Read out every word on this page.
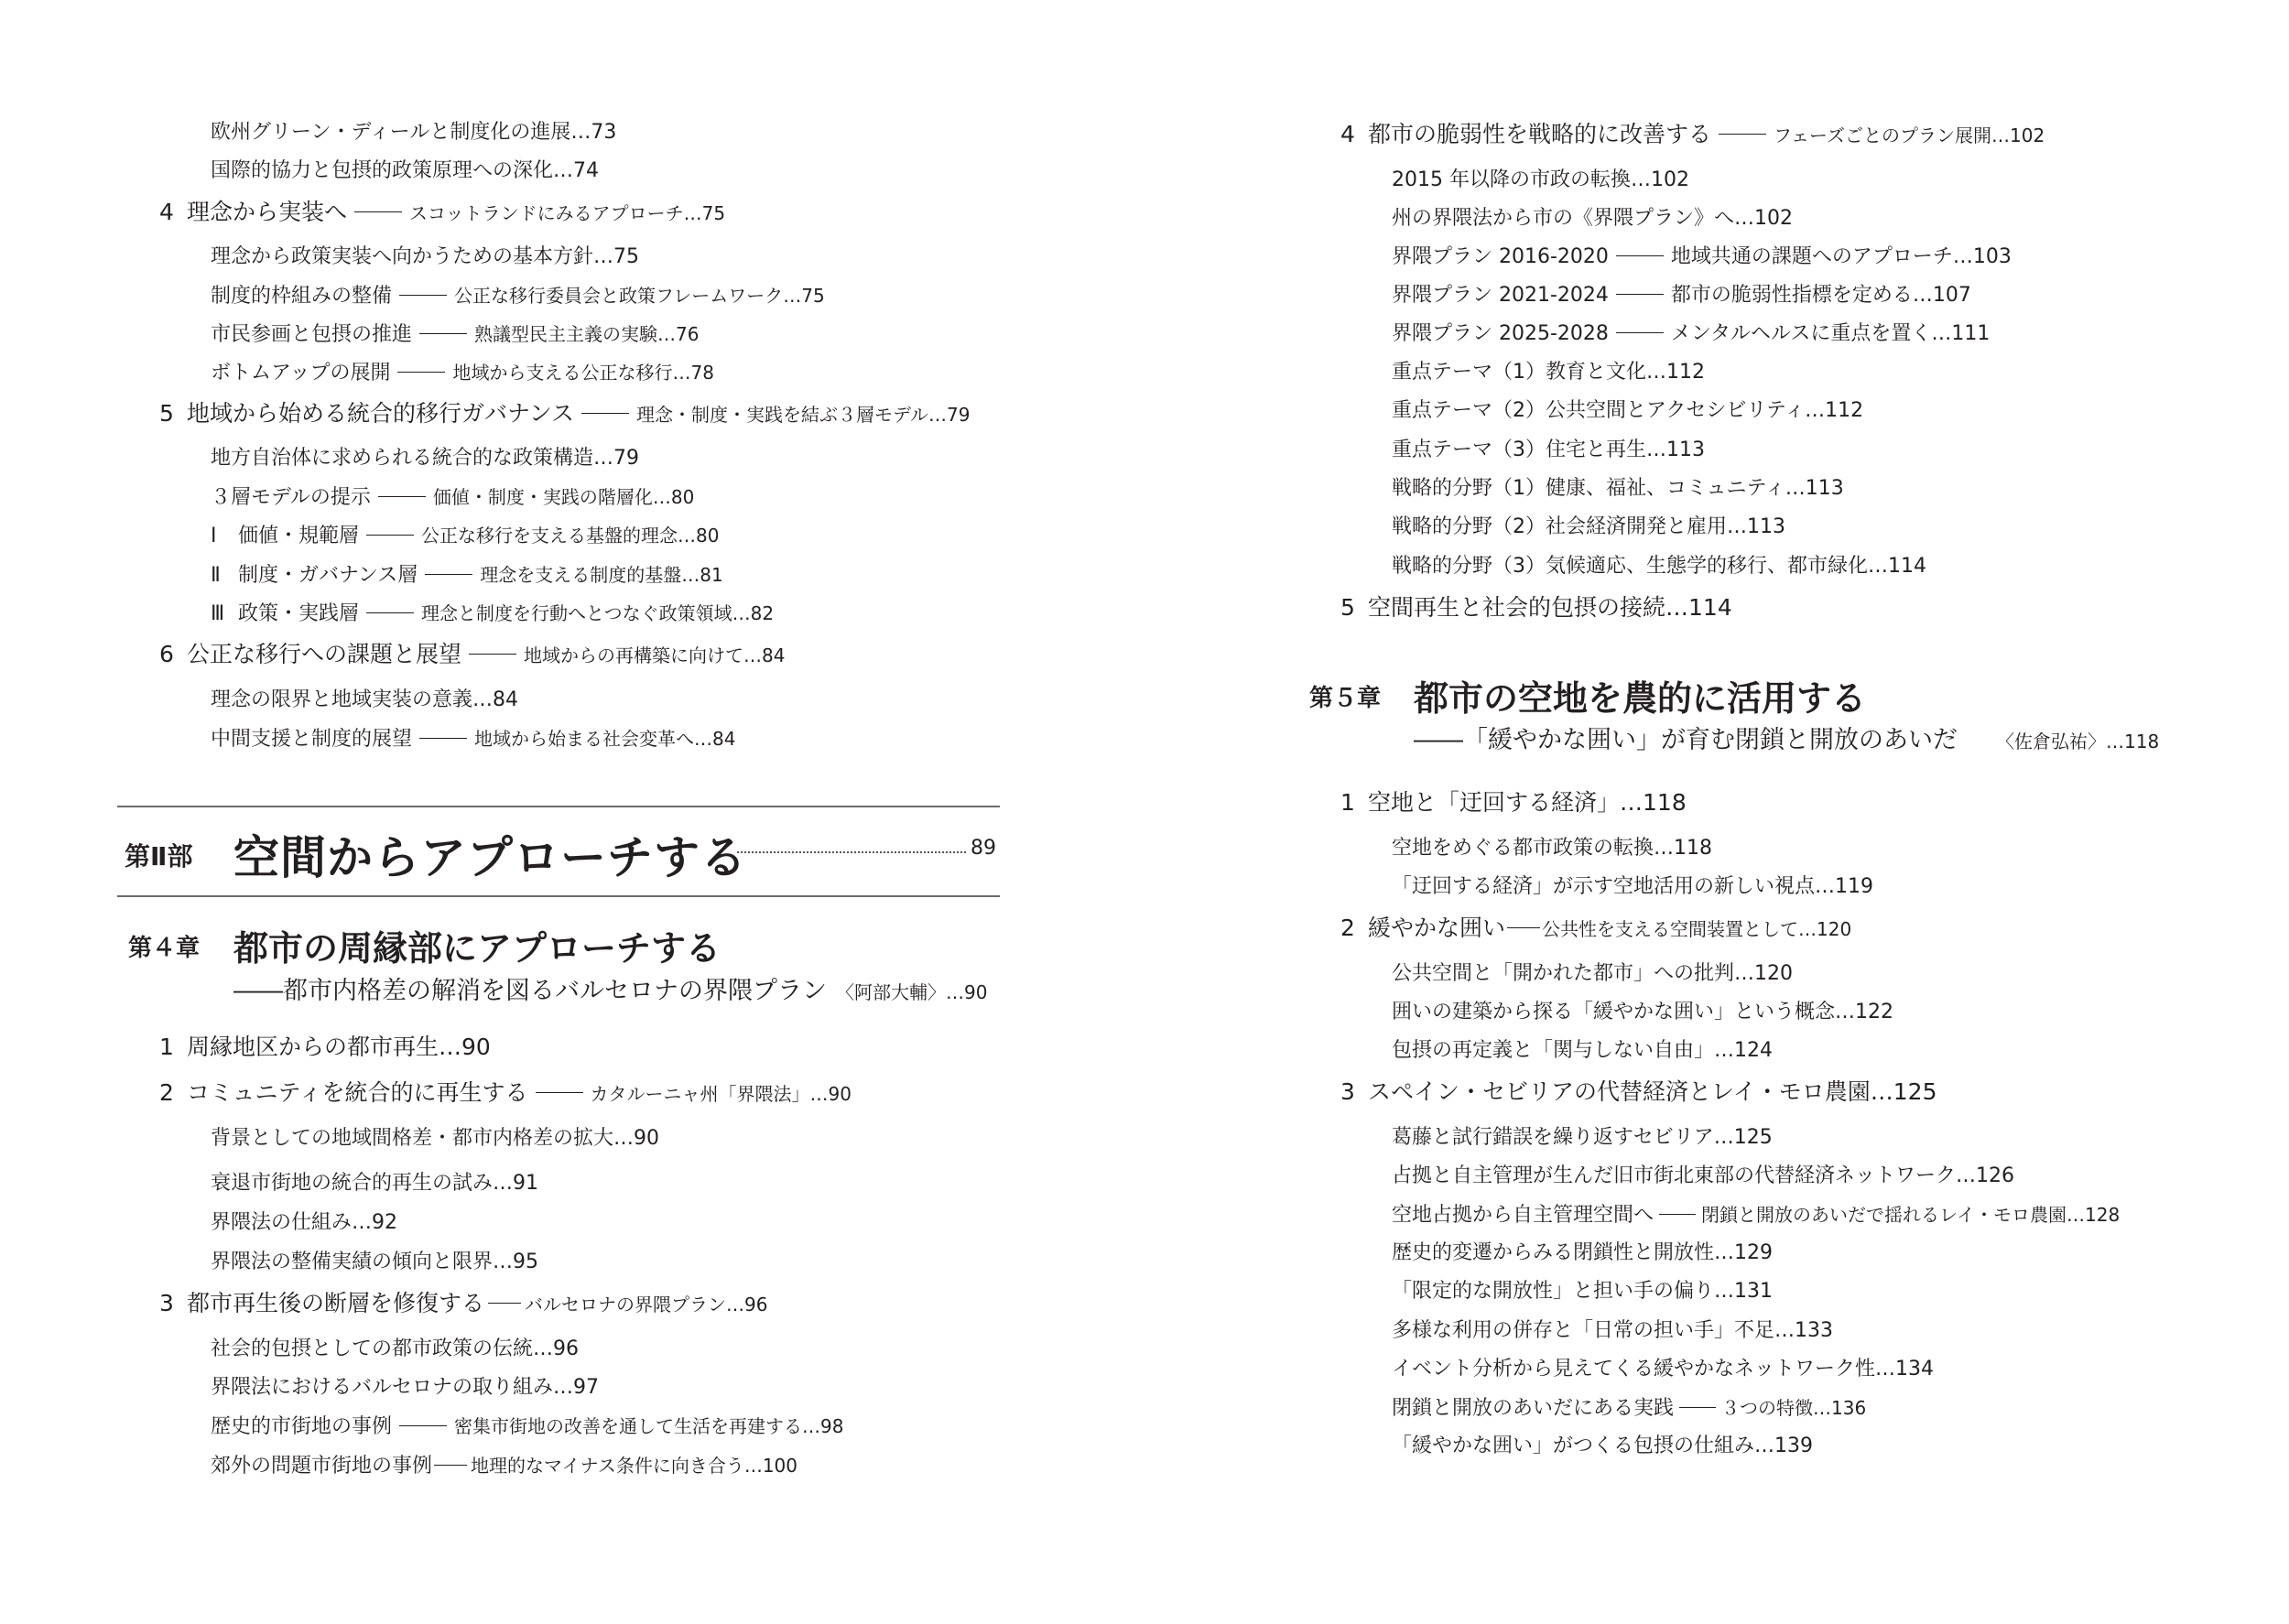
欧州グリーン・ディールと制度化の進展…73
国際的協力と包摂的政策原理への深化…74
4 理念から実装へ	スコットランドにみるアプローチ…75
理念から政策実装へ向かうための基本方針…75
制度的枠組みの整備	公正な移行委員会と政策フレームワーク…75
市民参画と包摂の推進	熟議型民主主義の実験…76
ボトムアップの展開	地域から支える公正な移行…78
5 地域から始める統合的移行ガバナンス	理念・制度・実践を結ぶ３層モデル…79
地方自治体に求められる統合的な政策構造…79
３層モデルの提示	価値・制度・実践の階層化…80
Ⅰ 価値・規範層	公正な移行を支える基盤的理念…80
Ⅱ 制度・ガバナンス層	理念を支える制度的基盤…81
Ⅲ 政策・実践層	理念と制度を行動へとつなぐ政策領域…82
6 公正な移行への課題と展望	地域からの再構築に向けて…84
理念の限界と地域実装の意義…84
中間支援と制度的展望	地域から始まる社会変革へ…84
第Ⅱ部 空間からアプローチする	89
第４章 都市の周縁部にアプローチする
――都市内格差の解消を図るバルセロナの界隈プラン 〈阿部大輔〉…90
1 周縁地区からの都市再生…90
2 コミュニティを統合的に再生する	カタルーニャ州「界隈法」…90
背景としての地域間格差・都市内格差の拡大…90
衰退市街地の統合的再生の試み…91
界隈法の仕組み…92
界隈法の整備実績の傾向と限界…95
3 都市再生後の断層を修復する バルセロナの界隈プラン…96
社会的包摂としての都市政策の伝統…96
界隈法におけるバルセロナの取り組み…97
歴史的市街地の事例	密集市街地の改善を通して生活を再建する…98
郊外の問題市街地の事例 地理的なマイナス条件に向き合う…100
4 都市の脆弱性を戦略的に改善する	フェーズごとのプラン展開…102
2015 年以降の市政の転換…102
州の界隈法から市の《界隈プラン》へ…102
界隈プラン 2016-2020	地域共通の課題へのアプローチ…103
界隈プラン 2021-2024	都市の脆弱性指標を定める…107
界隈プラン 2025-2028	メンタルヘルスに重点を置く…111
重点テーマ（1）教育と文化…112
重点テーマ（2）公共空間とアクセシビリティ…112
重点テーマ（3）住宅と再生…113
戦略的分野（1）健康、福祉、コミュニティ…113
戦略的分野（2）社会経済開発と雇用…113
戦略的分野（3）気候適応、生態学的移行、都市緑化…114
5 空間再生と社会的包摂の接続…114
第５章 都市の空地を農的に活用する
――「緩やかな囲い」が育む閉鎖と開放のあいだ 〈佐倉弘祐〉…118
1 空地と「迂回する経済」…118
空地をめぐる都市政策の転換…118
「迂回する経済」が示す空地活用の新しい視点…119
2 緩やかな囲い 公共性を支える空間装置として…120
公共空間と「開かれた都市」への批判…120
囲いの建築から探る「緩やかな囲い」という概念…122
包摂の再定義と「関与しない自由」…124
3 スペイン・セビリアの代替経済とレイ・モロ農園…125
葛藤と試行錯誤を繰り返すセビリア…125
占拠と自主管理が生んだ旧市街北東部の代替経済ネットワーク…126
空地占拠から自主管理空間へ	閉鎖と開放のあいだで揺れるレイ・モロ農園…128
歴史的変遷からみる閉鎖性と開放性…129
「限定的な開放性」と担い手の偏り…131
多様な利用の併存と「日常の担い手」不足…133
イベント分析から見えてくる緩やかなネットワーク性…134
閉鎖と開放のあいだにある実践	３つの特徴…136
「緩やかな囲い」がつくる包摂の仕組み…139
